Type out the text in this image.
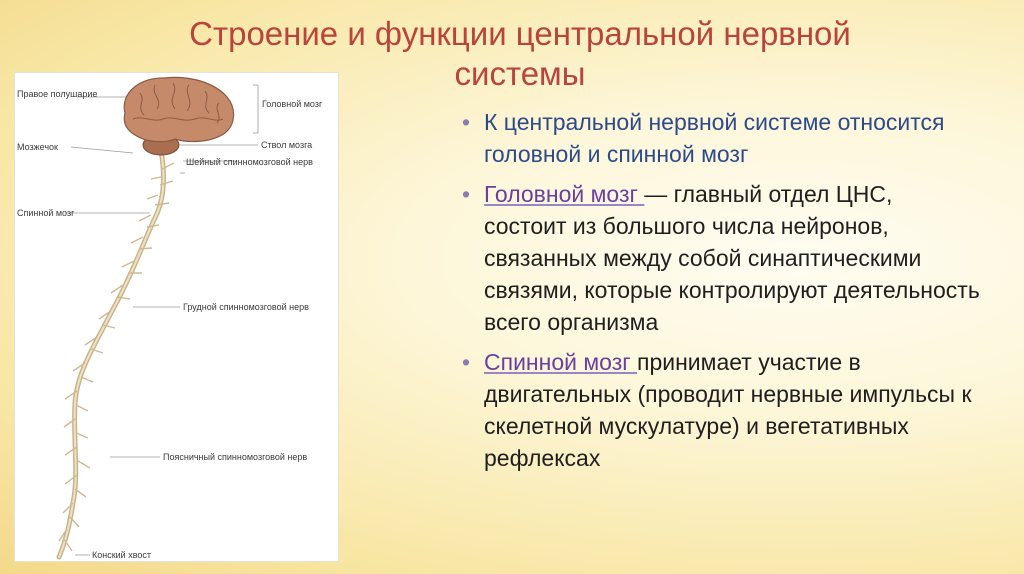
Строение и функции центральной нервной системы
Правое полушарие
Головной мозг
Мозжечок	Ствол мозга
Шейный спинномозговой нерв
Спинной мозг
Грудной спинномозговой нерв
Поясничный спинномозговой нерв
Конский хвост
• К центральной нервной системе относится головной и спинной мозг
• Головной мозг — главный отдел ЦНС, состоит из большого числа нейронов, связанных между собой синаптическими связями, которые контролируют деятельность всего организма
• Спинной мозг принимает участие в двигательных (проводит нервные импульсы к скелетной мускулатуре) и вегетативных рефлексах
